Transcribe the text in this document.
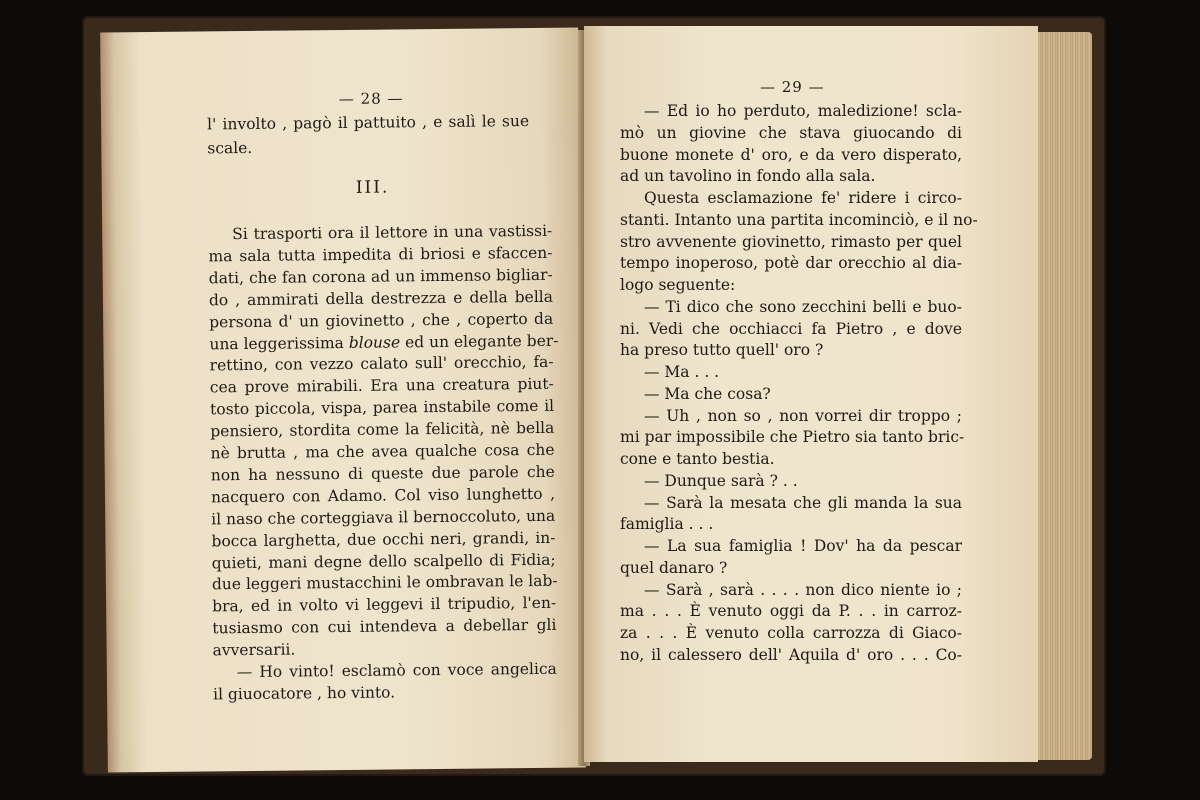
— 28 —
l' involto , pagò il pattuito , e salì le sue
scale.
III.
Si trasporti ora il lettore in una vastissi-
ma sala tutta impedita di briosi e sfaccen-
dati, che fan corona ad un immenso bigliar-
do , ammirati della destrezza e della bella
persona d' un giovinetto , che , coperto da
una leggerissima blouse ed un elegante ber-
rettino, con vezzo calato sull' orecchio, fa-
cea prove mirabili. Era una creatura piut-
tosto piccola, vispa, parea instabile come il
pensiero, stordita come la felicità, nè bella
nè brutta , ma che avea qualche cosa che
non ha nessuno di queste due parole che
nacquero con Adamo. Col viso lunghetto ,
il naso che corteggiava il bernoccoluto, una
bocca larghetta, due occhi neri, grandi, in-
quieti, mani degne dello scalpello di Fidia;
due leggeri mustacchini le ombravan le lab-
bra, ed in volto vi leggevi il tripudio, l'en-
tusiasmo con cui intendeva a debellar gli
avversarii.
— Ho vinto! esclamò con voce angelica
il giuocatore , ho vinto.
— 29 —
— Ed io ho perduto, maledizione! scla-
mò un giovine che stava giuocando di
buone monete d' oro, e da vero disperato,
ad un tavolino in fondo alla sala.
Questa esclamazione fe' ridere i circo-
stanti. Intanto una partita incominciò, e il no-
stro avvenente giovinetto, rimasto per quel
tempo inoperoso, potè dar orecchio al dia-
logo seguente:
— Ti dico che sono zecchini belli e buo-
ni. Vedi che occhiacci fa Pietro , e dove
ha preso tutto quell' oro ?
— Ma . . .
— Ma che cosa?
— Uh , non so , non vorrei dir troppo ;
mi par impossibile che Pietro sia tanto bric-
cone e tanto bestia.
— Dunque sarà ? . .
— Sarà la mesata che gli manda la sua
famiglia . . .
— La sua famiglia ! Dov' ha da pescar
quel danaro ?
— Sarà , sarà . . . . non dico niente io ;
ma . . . È venuto oggi da P. . . in carroz-
za . . . È venuto colla carrozza di Giaco-
no, il calessero dell' Aquila d' oro . . . Co-
